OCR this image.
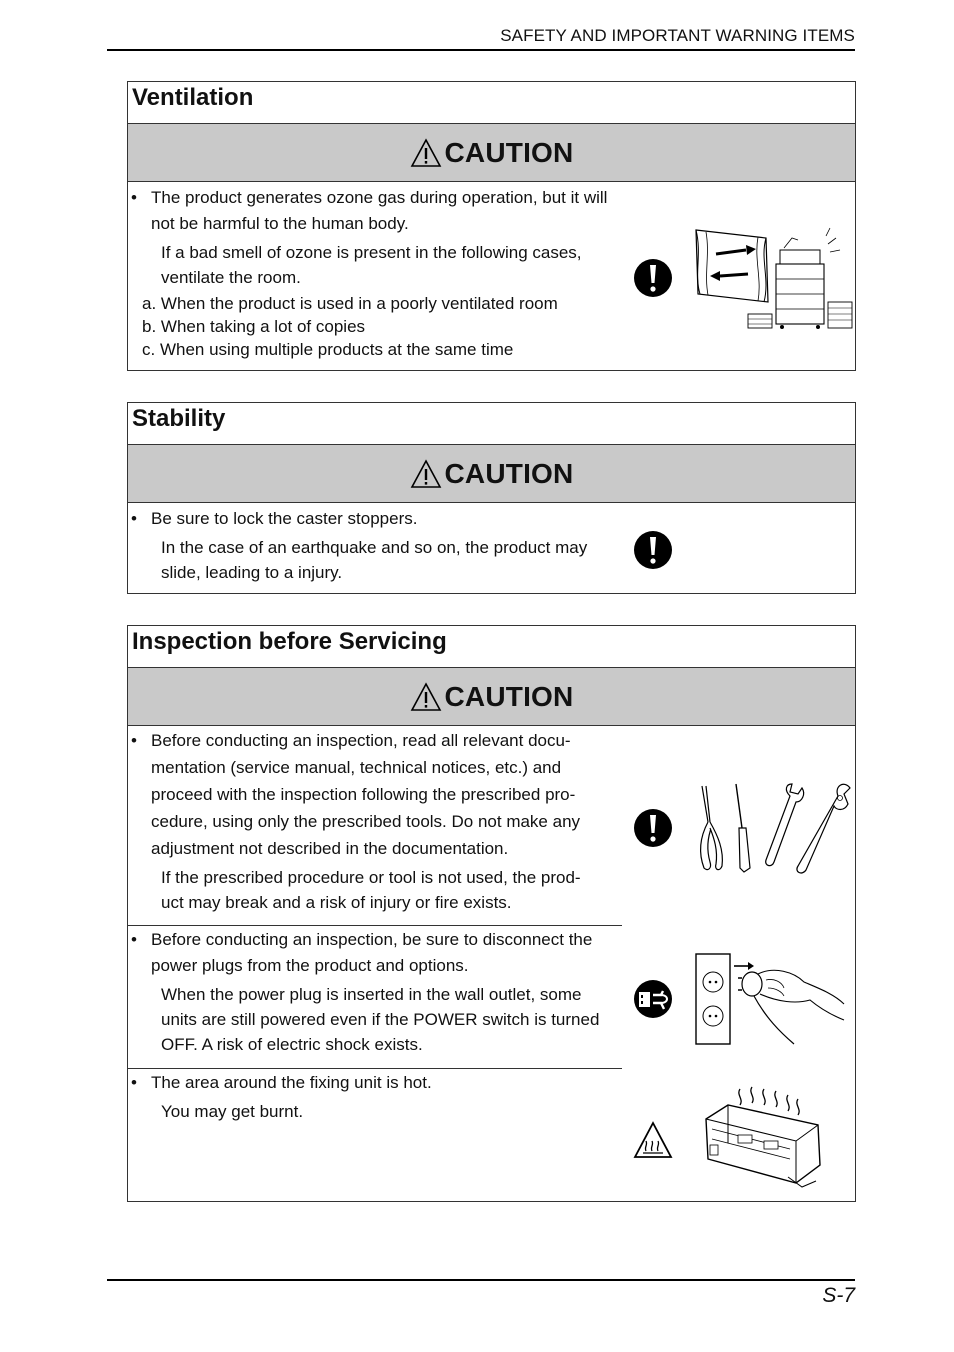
SAFETY AND IMPORTANT WARNING ITEMS
Ventilation
CAUTION
• The product generates ozone gas during operation, but it will not be harmful to the human body.
If a bad smell of ozone is present in the following cases, ventilate the room.
a. When the product is used in a poorly ventilated room
b. When taking a lot of copies
c. When using multiple products at the same time
Stability
CAUTION
• Be sure to lock the caster stoppers.
In the case of an earthquake and so on, the product may slide, leading to a injury.
Inspection before Servicing
CAUTION
• Before conducting an inspection, read all relevant docu-
mentation (service manual, technical notices, etc.) and
proceed with the inspection following the prescribed pro-
cedure, using only the prescribed tools. Do not make any
adjustment not described in the documentation.
If the prescribed procedure or tool is not used, the prod-
uct may break and a risk of injury or fire exists.
• Before conducting an inspection, be sure to disconnect the power plugs from the product and options.
When the power plug is inserted in the wall outlet, some units are still powered even if the POWER switch is turned OFF. A risk of electric shock exists.
• The area around the fixing unit is hot.
You may get burnt.
S-7
